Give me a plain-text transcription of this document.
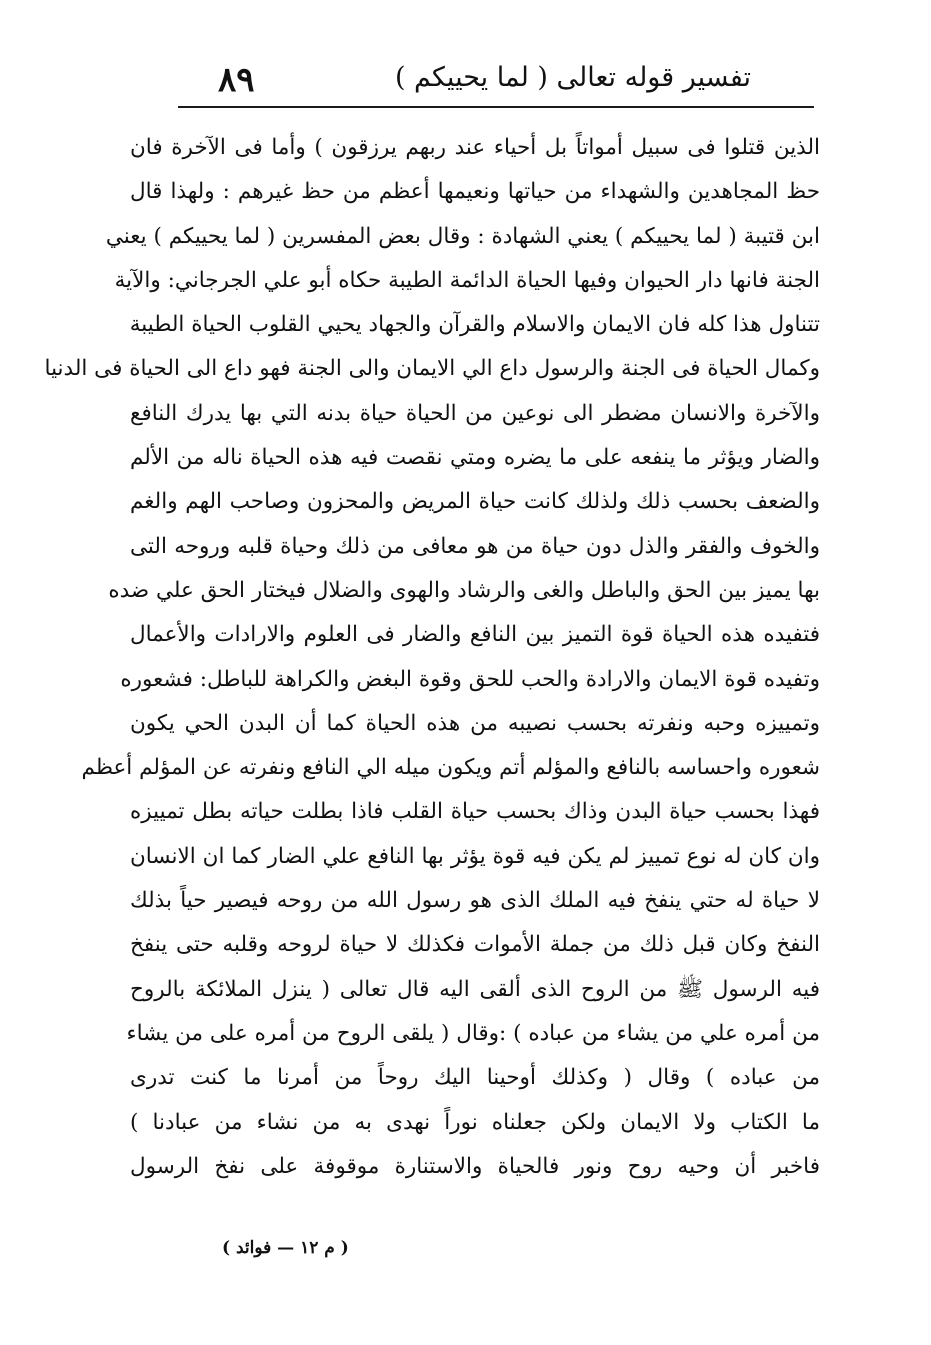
٨٩	تفسير قوله تعالى ( لما يحييكم )
الذين قتلوا فى سبيل أمواتاً بل أحياء عند ربهم يرزقون ) وأما فى الآخرة فان
حظ المجاهدين والشهداء من حياتها ونعيمها أعظم من حظ غيرهم : ولهذا قال
ابن قتيبة ( لما يحييكم ) يعني الشهادة : وقال بعض المفسرين ( لما يحييكم ) يعني
الجنة فانها دار الحيوان وفيها الحياة الدائمة الطيبة حكاه أبو علي الجرجاني: والآية
تتناول هذا كله فان الايمان والاسلام والقرآن والجهاد يحيي القلوب الحياة الطيبة
وكمال الحياة فى الجنة والرسول داع الي الايمان والى الجنة فهو داع الى الحياة فى الدنيا
والآخرة والانسان مضطر الى نوعين من الحياة حياة بدنه التي بها يدرك النافع
والضار ويؤثر ما ينفعه على ما يضره ومتي نقصت فيه هذه الحياة ناله من الألم
والضعف بحسب ذلك ولذلك كانت حياة المريض والمحزون وصاحب الهم والغم
والخوف والفقر والذل دون حياة من هو معافى من ذلك وحياة قلبه وروحه التى
بها يميز بين الحق والباطل والغى والرشاد والهوى والضلال فيختار الحق علي ضده
فتفيده هذه الحياة قوة التميز بين النافع والضار فى العلوم والارادات والأعمال
وتفيده قوة الايمان والارادة والحب للحق وقوة البغض والكراهة للباطل: فشعوره
وتمييزه وحبه ونفرته بحسب نصيبه من هذه الحياة كما أن البدن الحي يكون
شعوره واحساسه بالنافع والمؤلم أتم ويكون ميله الي النافع ونفرته عن المؤلم أعظم
فهذا بحسب حياة البدن وذاك بحسب حياة القلب فاذا بطلت حياته بطل تمييزه
وان كان له نوع تمييز لم يكن فيه قوة يؤثر بها النافع علي الضار كما ان الانسان
لا حياة له حتي ينفخ فيه الملك الذى هو رسول الله من روحه فيصير حياً بذلك
النفخ وكان قبل ذلك من جملة الأموات فكذلك لا حياة لروحه وقلبه حتى ينفخ
فيه الرسول ﷺ من الروح الذى ألقى اليه قال تعالى ( ينزل الملائكة بالروح
من أمره علي من يشاء من عباده ) :وقال ( يلقى الروح من أمره على من يشاء
من عباده ) وقال ( وكذلك أوحينا اليك روحاً من أمرنا ما كنت تدرى
ما الكتاب ولا الايمان ولكن جعلناه نوراً نهدى به من نشاء من عبادنا )
فاخبر أن وحيه روح ونور فالحياة والاستنارة موقوفة على نفخ الرسول
( م ١٢ — فوائد )
